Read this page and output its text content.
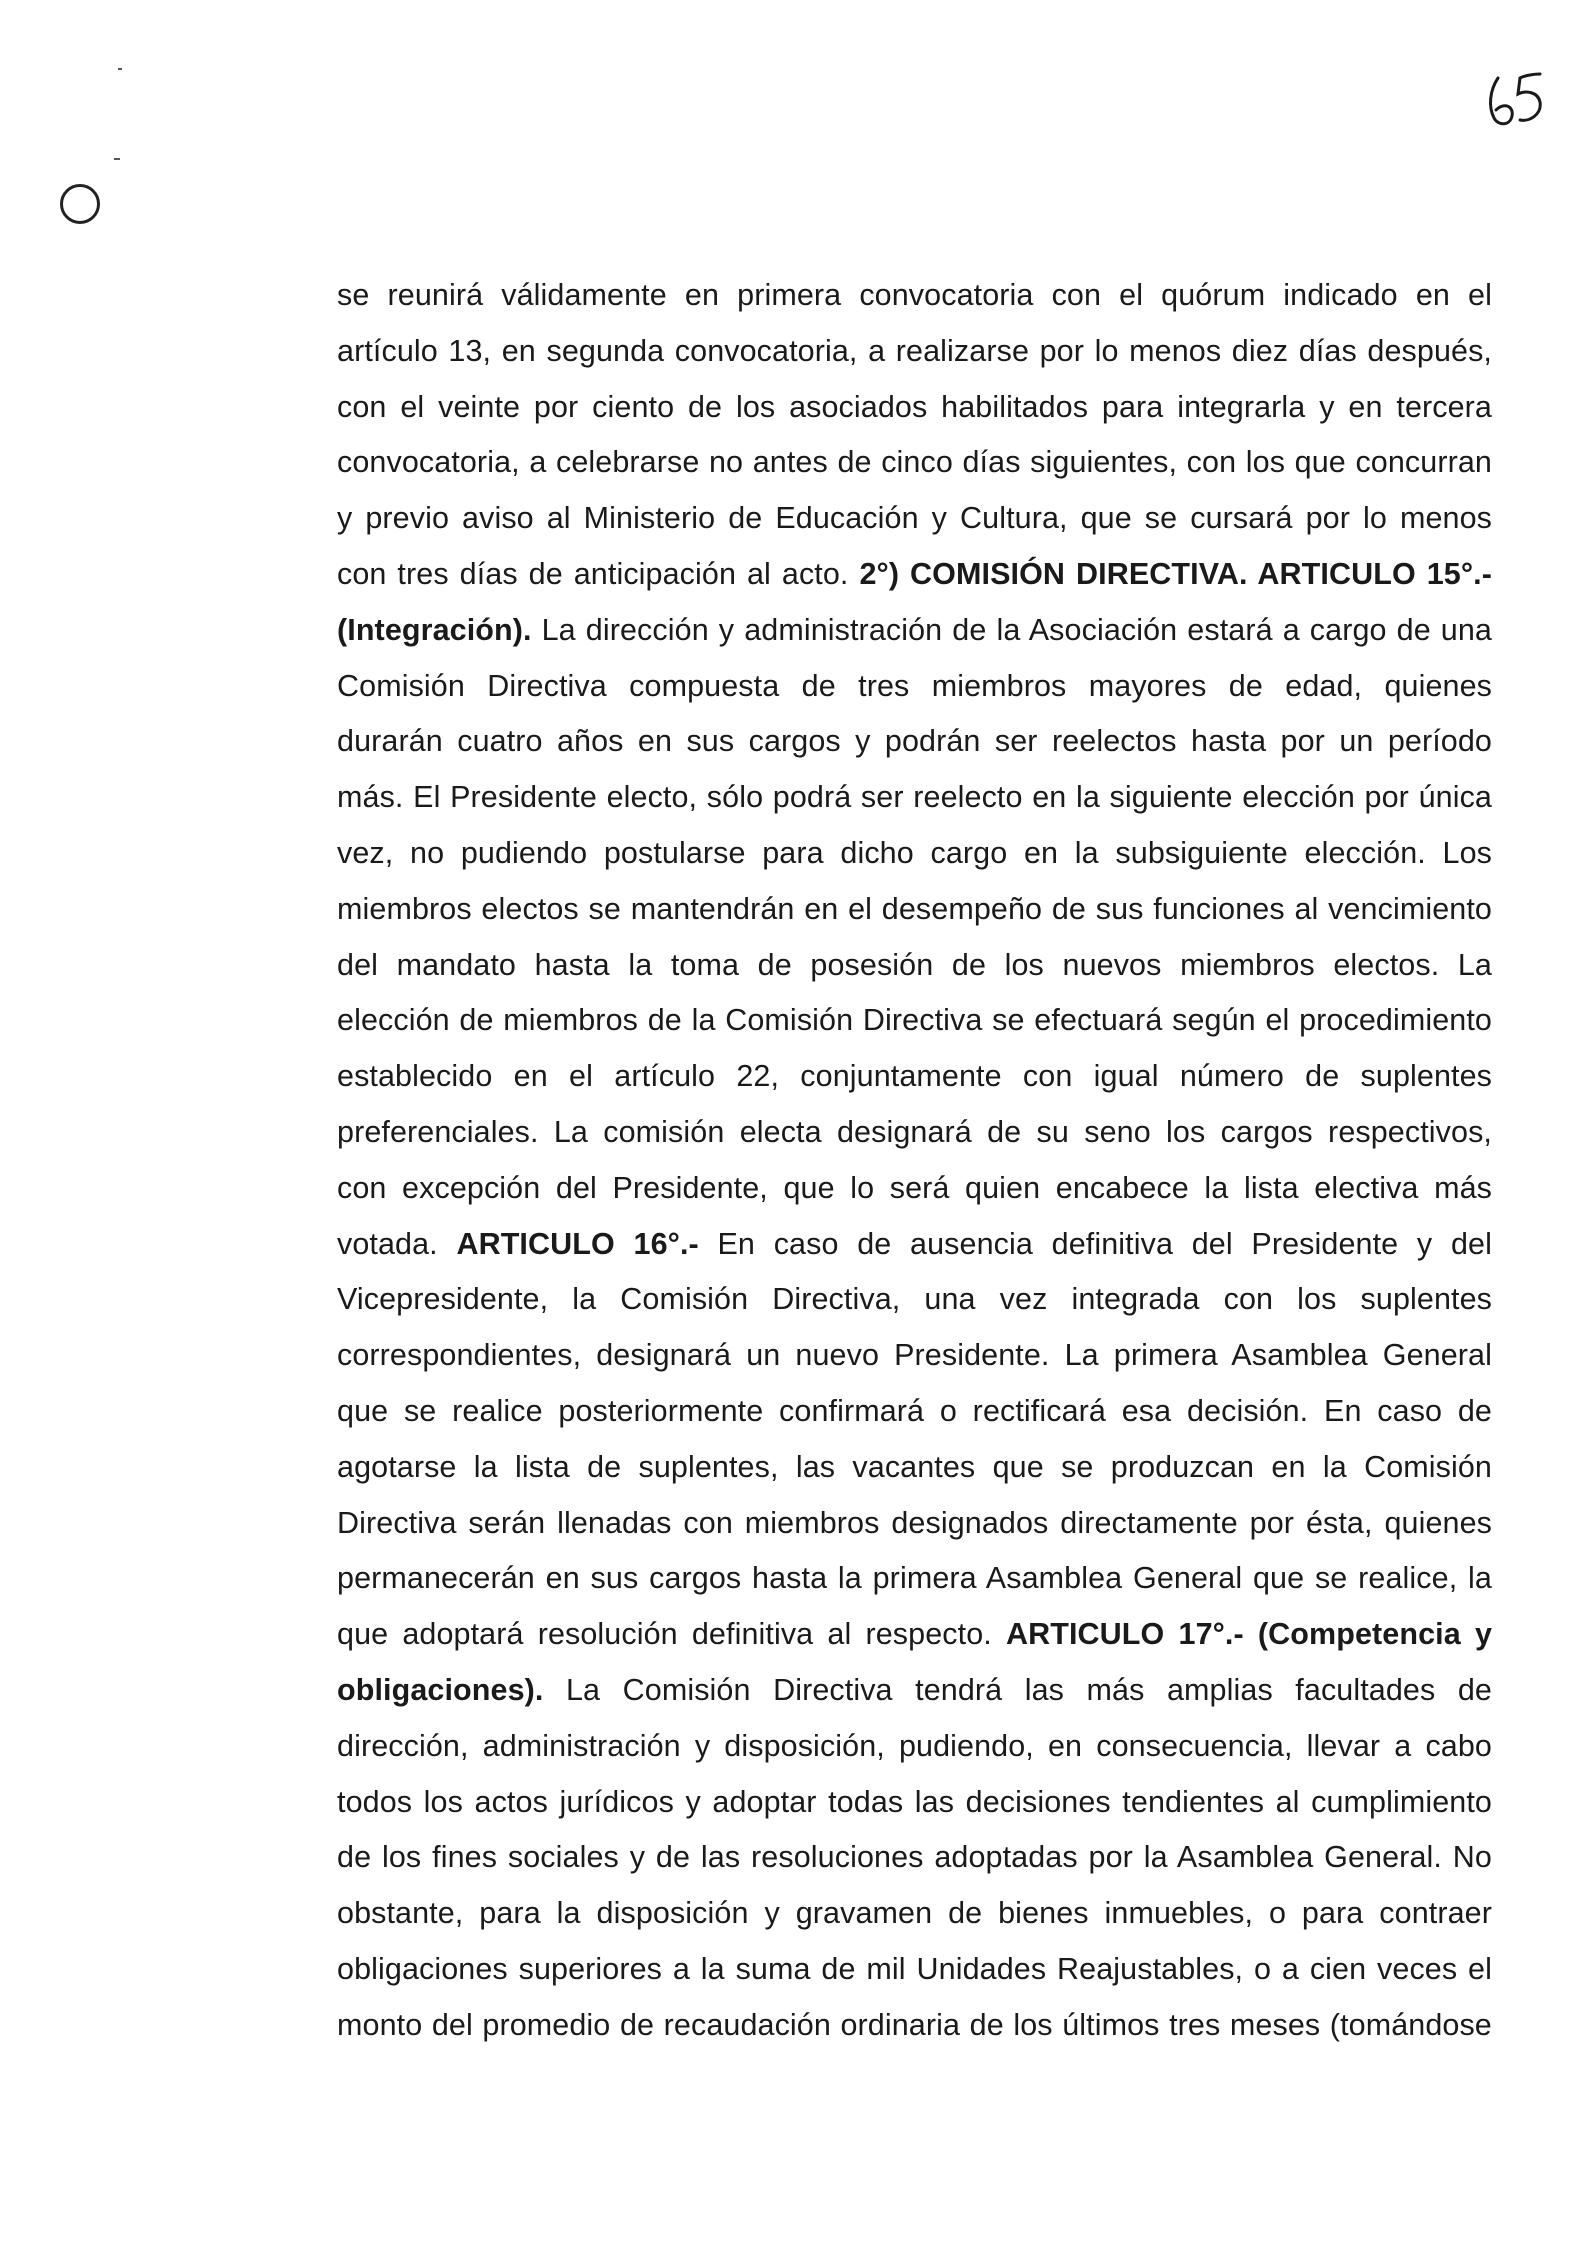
se reunirá válidamente en primera convocatoria con el quórum indicado en el artículo 13, en segunda convocatoria, a realizarse por lo menos diez días después, con el veinte por ciento de los asociados habilitados para integrarla y en tercera convocatoria, a celebrarse no antes de cinco días siguientes, con los que concurran y previo aviso al Ministerio de Educación y Cultura, que se cursará por lo menos con tres días de anticipación al acto. 2°) COMISIÓN DIRECTIVA. ARTICULO 15°.- (Integración). La dirección y administración de la Asociación estará a cargo de una Comisión Directiva compuesta de tres miembros mayores de edad, quienes durarán cuatro años en sus cargos y podrán ser reelectos hasta por un período más. El Presidente electo, sólo podrá ser reelecto en la siguiente elección por única vez, no pudiendo postularse para dicho cargo en la subsiguiente elección. Los miembros electos se mantendrán en el desempeño de sus funciones al vencimiento del mandato hasta la toma de posesión de los nuevos miembros electos. La elección de miembros de la Comisión Directiva se efectuará según el procedimiento establecido en el artículo 22, conjuntamente con igual número de suplentes preferenciales. La comisión electa designará de su seno los cargos respectivos, con excepción del Presidente, que lo será quien encabece la lista electiva más votada. ARTICULO 16°.- En caso de ausencia definitiva del Presidente y del Vicepresidente, la Comisión Directiva, una vez integrada con los suplentes correspondientes, designará un nuevo Presidente. La primera Asamblea General que se realice posteriormente confirmará o rectificará esa decisión. En caso de agotarse la lista de suplentes, las vacantes que se produzcan en la Comisión Directiva serán llenadas con miembros designados directamente por ésta, quienes permanecerán en sus cargos hasta la primera Asamblea General que se realice, la que adoptará resolución definitiva al respecto. ARTICULO 17°.- (Competencia y obligaciones). La Comisión Directiva tendrá las más amplias facultades de dirección, administración y disposición, pudiendo, en consecuencia, llevar a cabo todos los actos jurídicos y adoptar todas las decisiones tendientes al cumplimiento de los fines sociales y de las resoluciones adoptadas por la Asamblea General. No obstante, para la disposición y gravamen de bienes inmuebles, o para contraer obligaciones superiores a la suma de mil Unidades Reajustables, o a cien veces el monto del promedio de recaudación ordinaria de los últimos tres meses (tomándose
